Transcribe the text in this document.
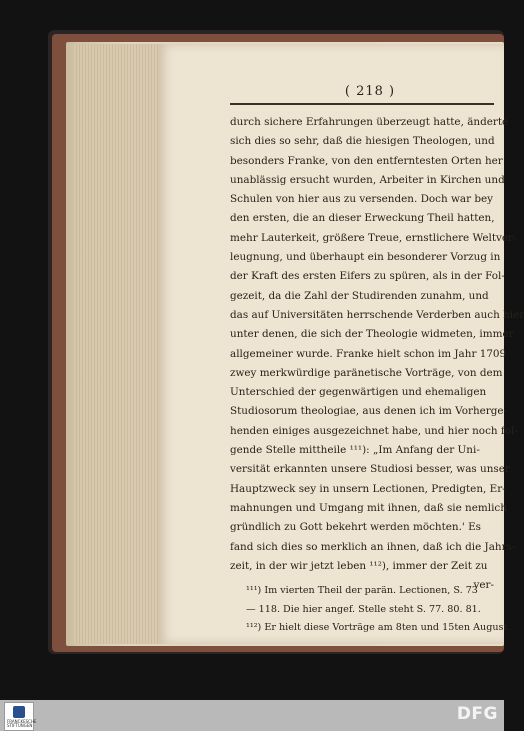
( 218 )
durch sichere Erfahrungen überzeugt hatte, änderte
sich dies so sehr, daß die hiesigen Theologen, und
besonders Franke, von den entferntesten Orten her
unablässig ersucht wurden, Arbeiter in Kirchen und
Schulen von hier aus zu versenden. Doch war bey
den ersten, die an dieser Erweckung Theil hatten,
mehr Lauterkeit, größere Treue, ernstlichere Weltver-
leugnung, und überhaupt ein besonderer Vorzug in
der Kraft des ersten Eifers zu spüren, als in der Fol-
gezeit, da die Zahl der Studirenden zunahm, und
das auf Universitäten herrschende Verderben auch hier
unter denen, die sich der Theologie widmeten, immer
allgemeiner wurde. Franke hielt schon im Jahr 1709
zwey merkwürdige paränetische Vorträge, von dem
Unterschied der gegenwärtigen und ehemaligen
Studiosorum theologiae, aus denen ich im Vorherge-
henden einiges ausgezeichnet habe, und hier noch fol-
gende Stelle mittheile ¹¹¹): „Im Anfang der Uni-
versität erkannten unsere Studiosi besser, was unser
Hauptzweck sey in unsern Lectionen, Predigten, Er-
mahnungen und Umgang mit ihnen, daß sie nemlich
gründlich zu Gott bekehrt werden möchten.' Es
fand sich dies so merklich an ihnen, daß ich die Jahrs-
zeit, in der wir jetzt leben ¹¹²), immer der Zeit zu
ver-
¹¹¹) Im vierten Theil der parän. Lectionen, S. 73
— 118. Die hier angef. Stelle steht S. 77. 80. 81.
¹¹²) Er hielt diese Vorträge am 8ten und 15ten August.
FRANCKESCHE STIFTUNGEN
DFG
